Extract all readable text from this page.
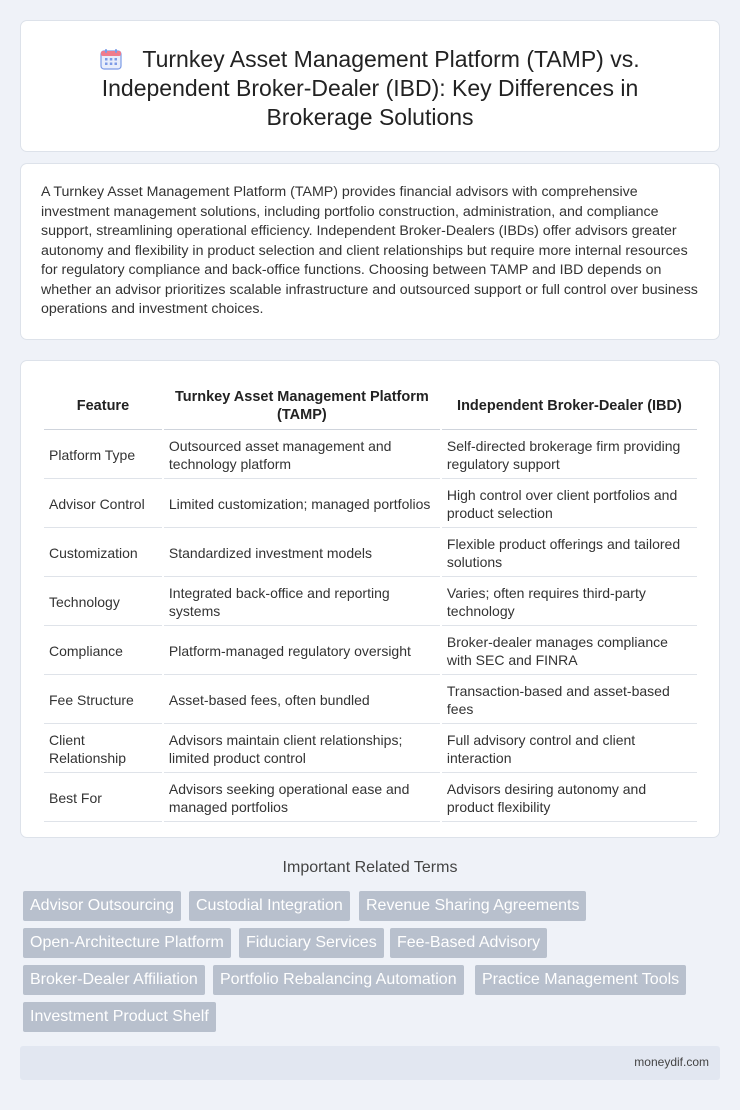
Turnkey Asset Management Platform (TAMP) vs. Independent Broker-Dealer (IBD): Key Differences in Brokerage Solutions

A Turnkey Asset Management Platform (TAMP) provides financial advisors with comprehensive investment management solutions, including portfolio construction, administration, and compliance support, streamlining operational efficiency. Independent Broker-Dealers (IBDs) offer advisors greater autonomy and flexibility in product selection and client relationships but require more internal resources for regulatory compliance and back-office functions. Choosing between TAMP and IBD depends on whether an advisor prioritizes scalable infrastructure and outsourced support or full control over business operations and investment choices.

Feature	Turnkey Asset Management Platform (TAMP)	Independent Broker-Dealer (IBD)
Platform Type	Outsourced asset management and technology platform	Self-directed brokerage firm providing regulatory support
Advisor Control	Limited customization; managed portfolios	High control over client portfolios and product selection
Customization	Standardized investment models	Flexible product offerings and tailored solutions
Technology	Integrated back-office and reporting systems	Varies; often requires third-party technology
Compliance	Platform-managed regulatory oversight	Broker-dealer manages compliance with SEC and FINRA
Fee Structure	Asset-based fees, often bundled	Transaction-based and asset-based fees
Client Relationship	Advisors maintain client relationships; limited product control	Full advisory control and client interaction
Best For	Advisors seeking operational ease and managed portfolios	Advisors desiring autonomy and product flexibility
Important Related Terms
Advisor Outsourcing	Custodial Integration	Revenue Sharing Agreements
Open-Architecture Platform	Fiduciary Services	Fee-Based Advisory
Broker-Dealer Affiliation	Portfolio Rebalancing Automation	Practice Management Tools
Investment Product Shelf
moneydif.com
